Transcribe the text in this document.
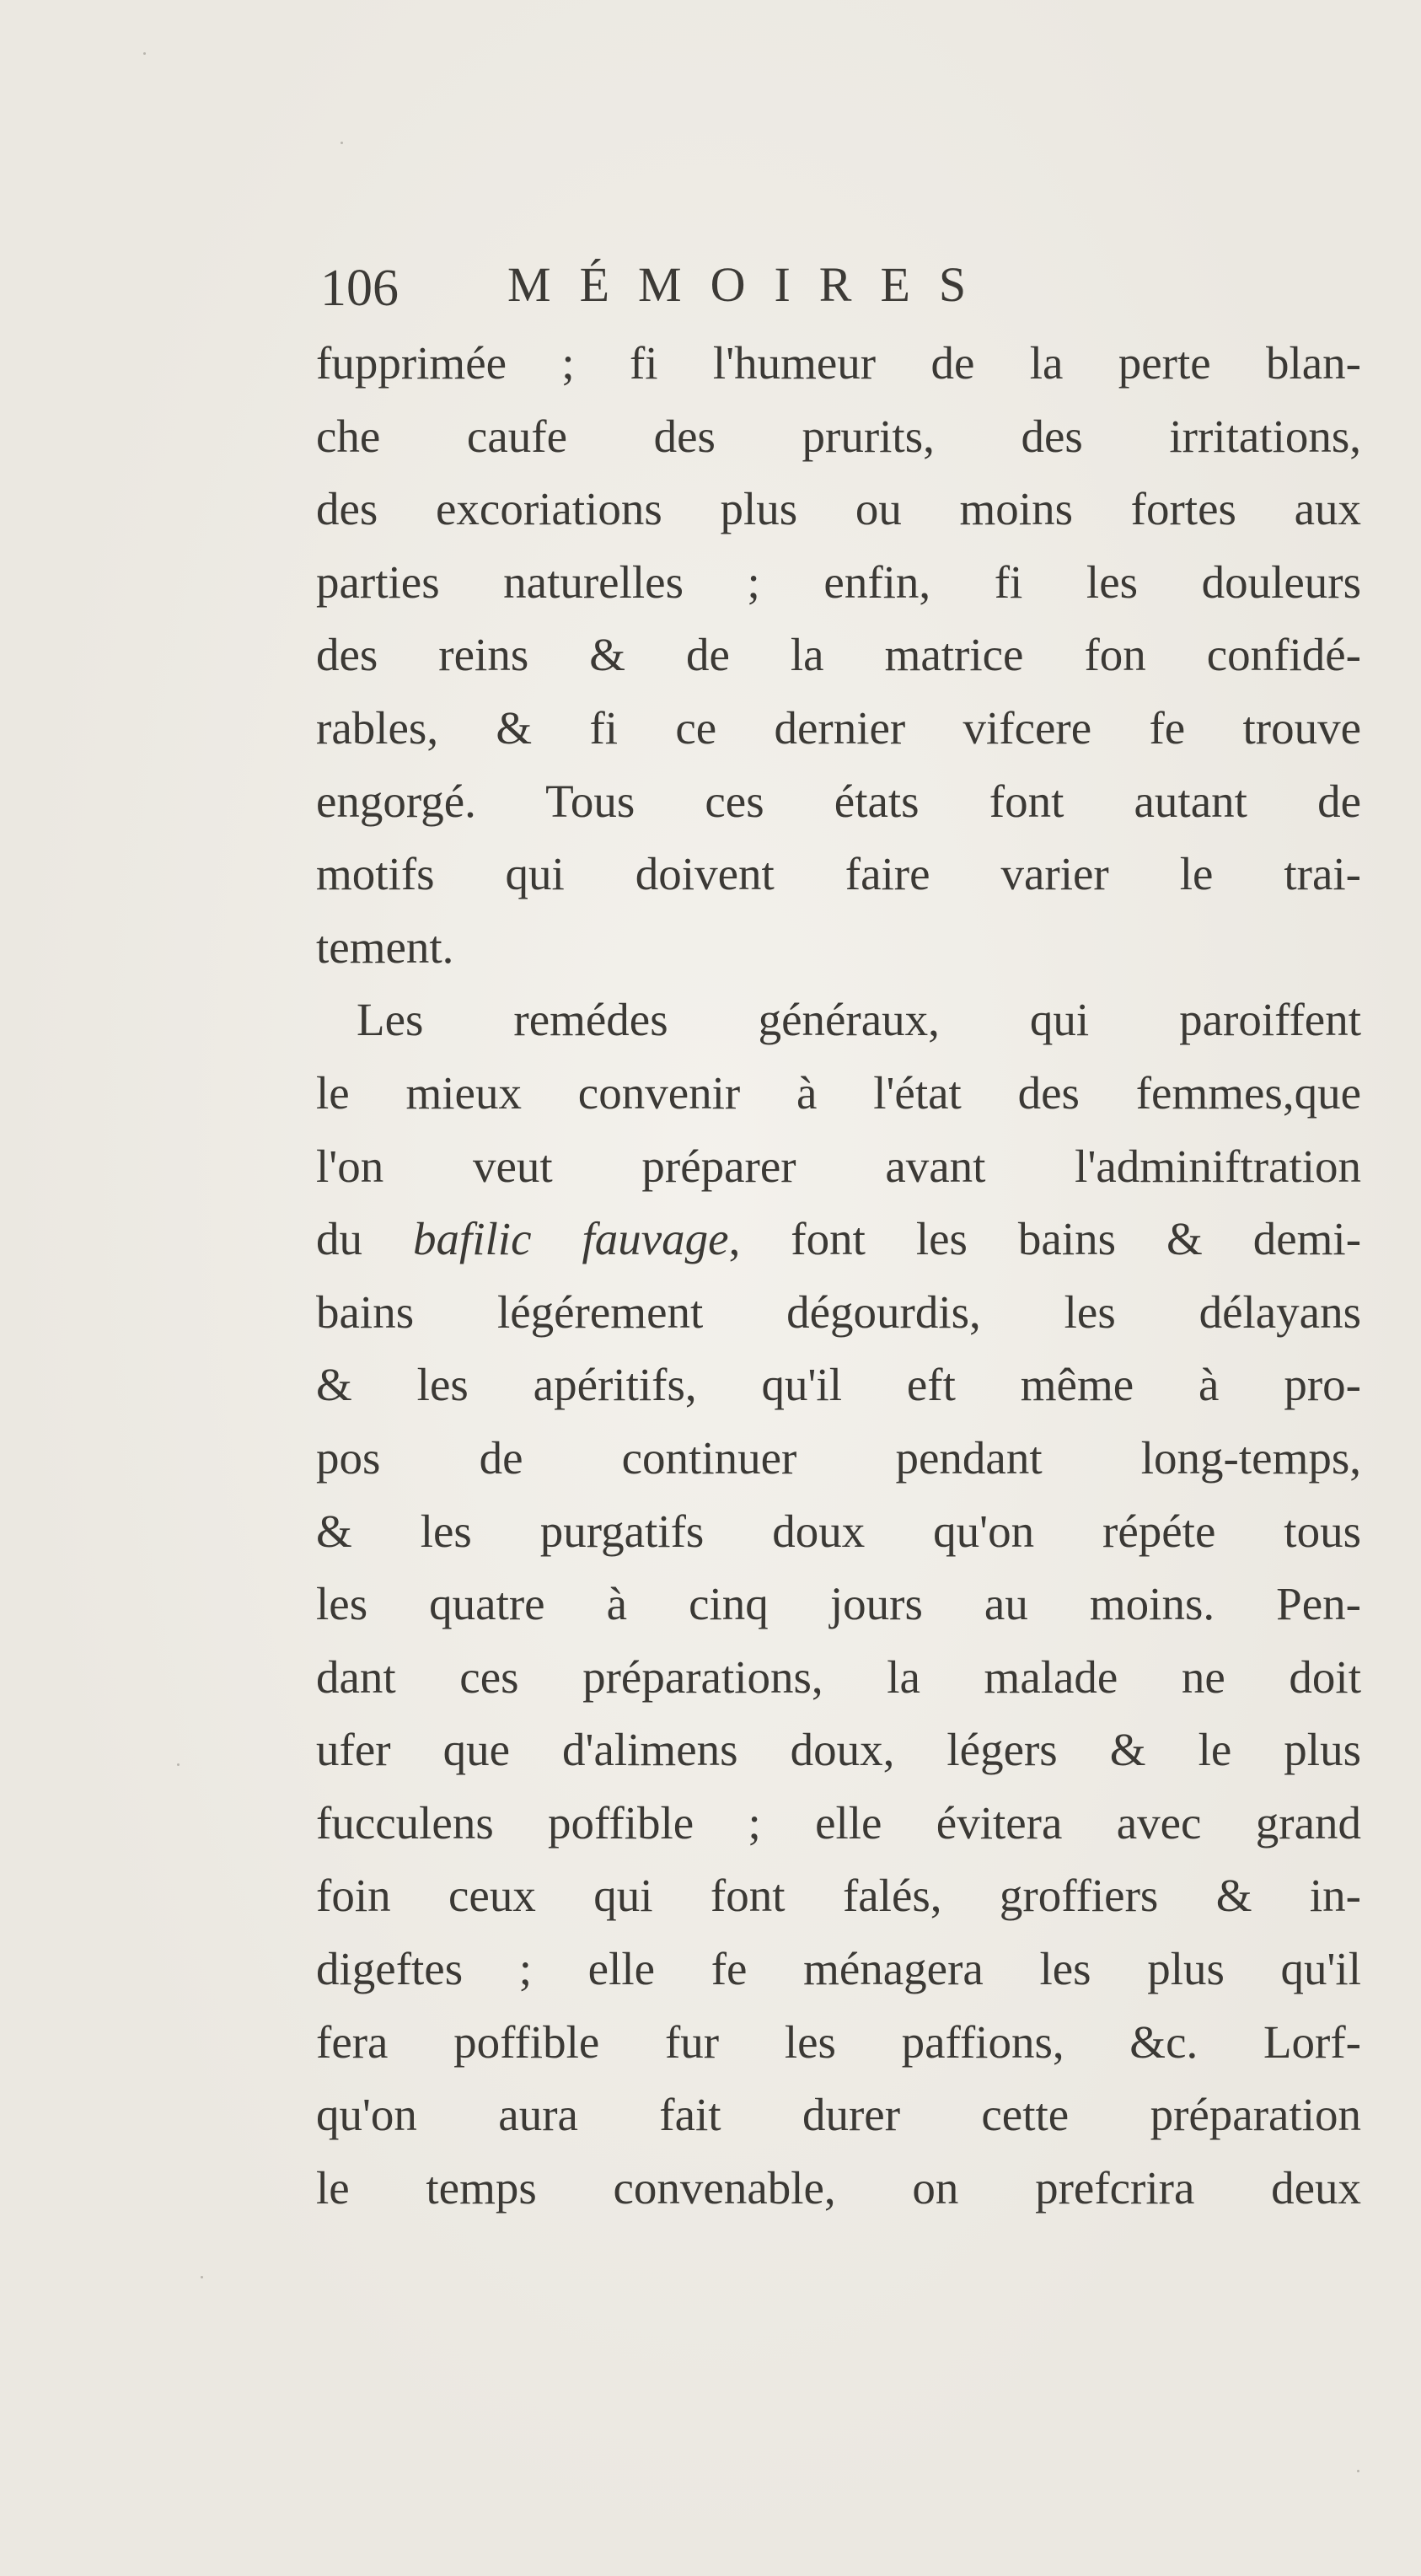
106 MÉMOIRES
fupprimée ; fi l'humeur de la perte blan-
che caufe des prurits, des irritations,
des excoriations plus ou moins fortes aux
parties naturelles ; enfin, fi les douleurs
des reins & de la matrice fon confidé-
rables, & fi ce dernier vifcere fe trouve
engorgé. Tous ces états font autant de
motifs qui doivent faire varier le trai-
tement.
Les remédes généraux, qui paroiffent
le mieux convenir à l'état des femmes,que
l'on veut préparer avant l'adminiftration
du bafilic fauvage, font les bains & demi-
bains légérement dégourdis, les délayans
& les apéritifs, qu'il eft même à pro-
pos de continuer pendant long-temps,
& les purgatifs doux qu'on répéte tous
les quatre à cinq jours au moins. Pen-
dant ces préparations, la malade ne doit
ufer que d'alimens doux, légers & le plus
fucculens poffible ; elle évitera avec grand
foin ceux qui font falés, groffiers & in-
digeftes ; elle fe ménagera les plus qu'il
fera poffible fur les paffions, &c. Lorf-
qu'on aura fait durer cette préparation
le temps convenable, on prefcrira deux
